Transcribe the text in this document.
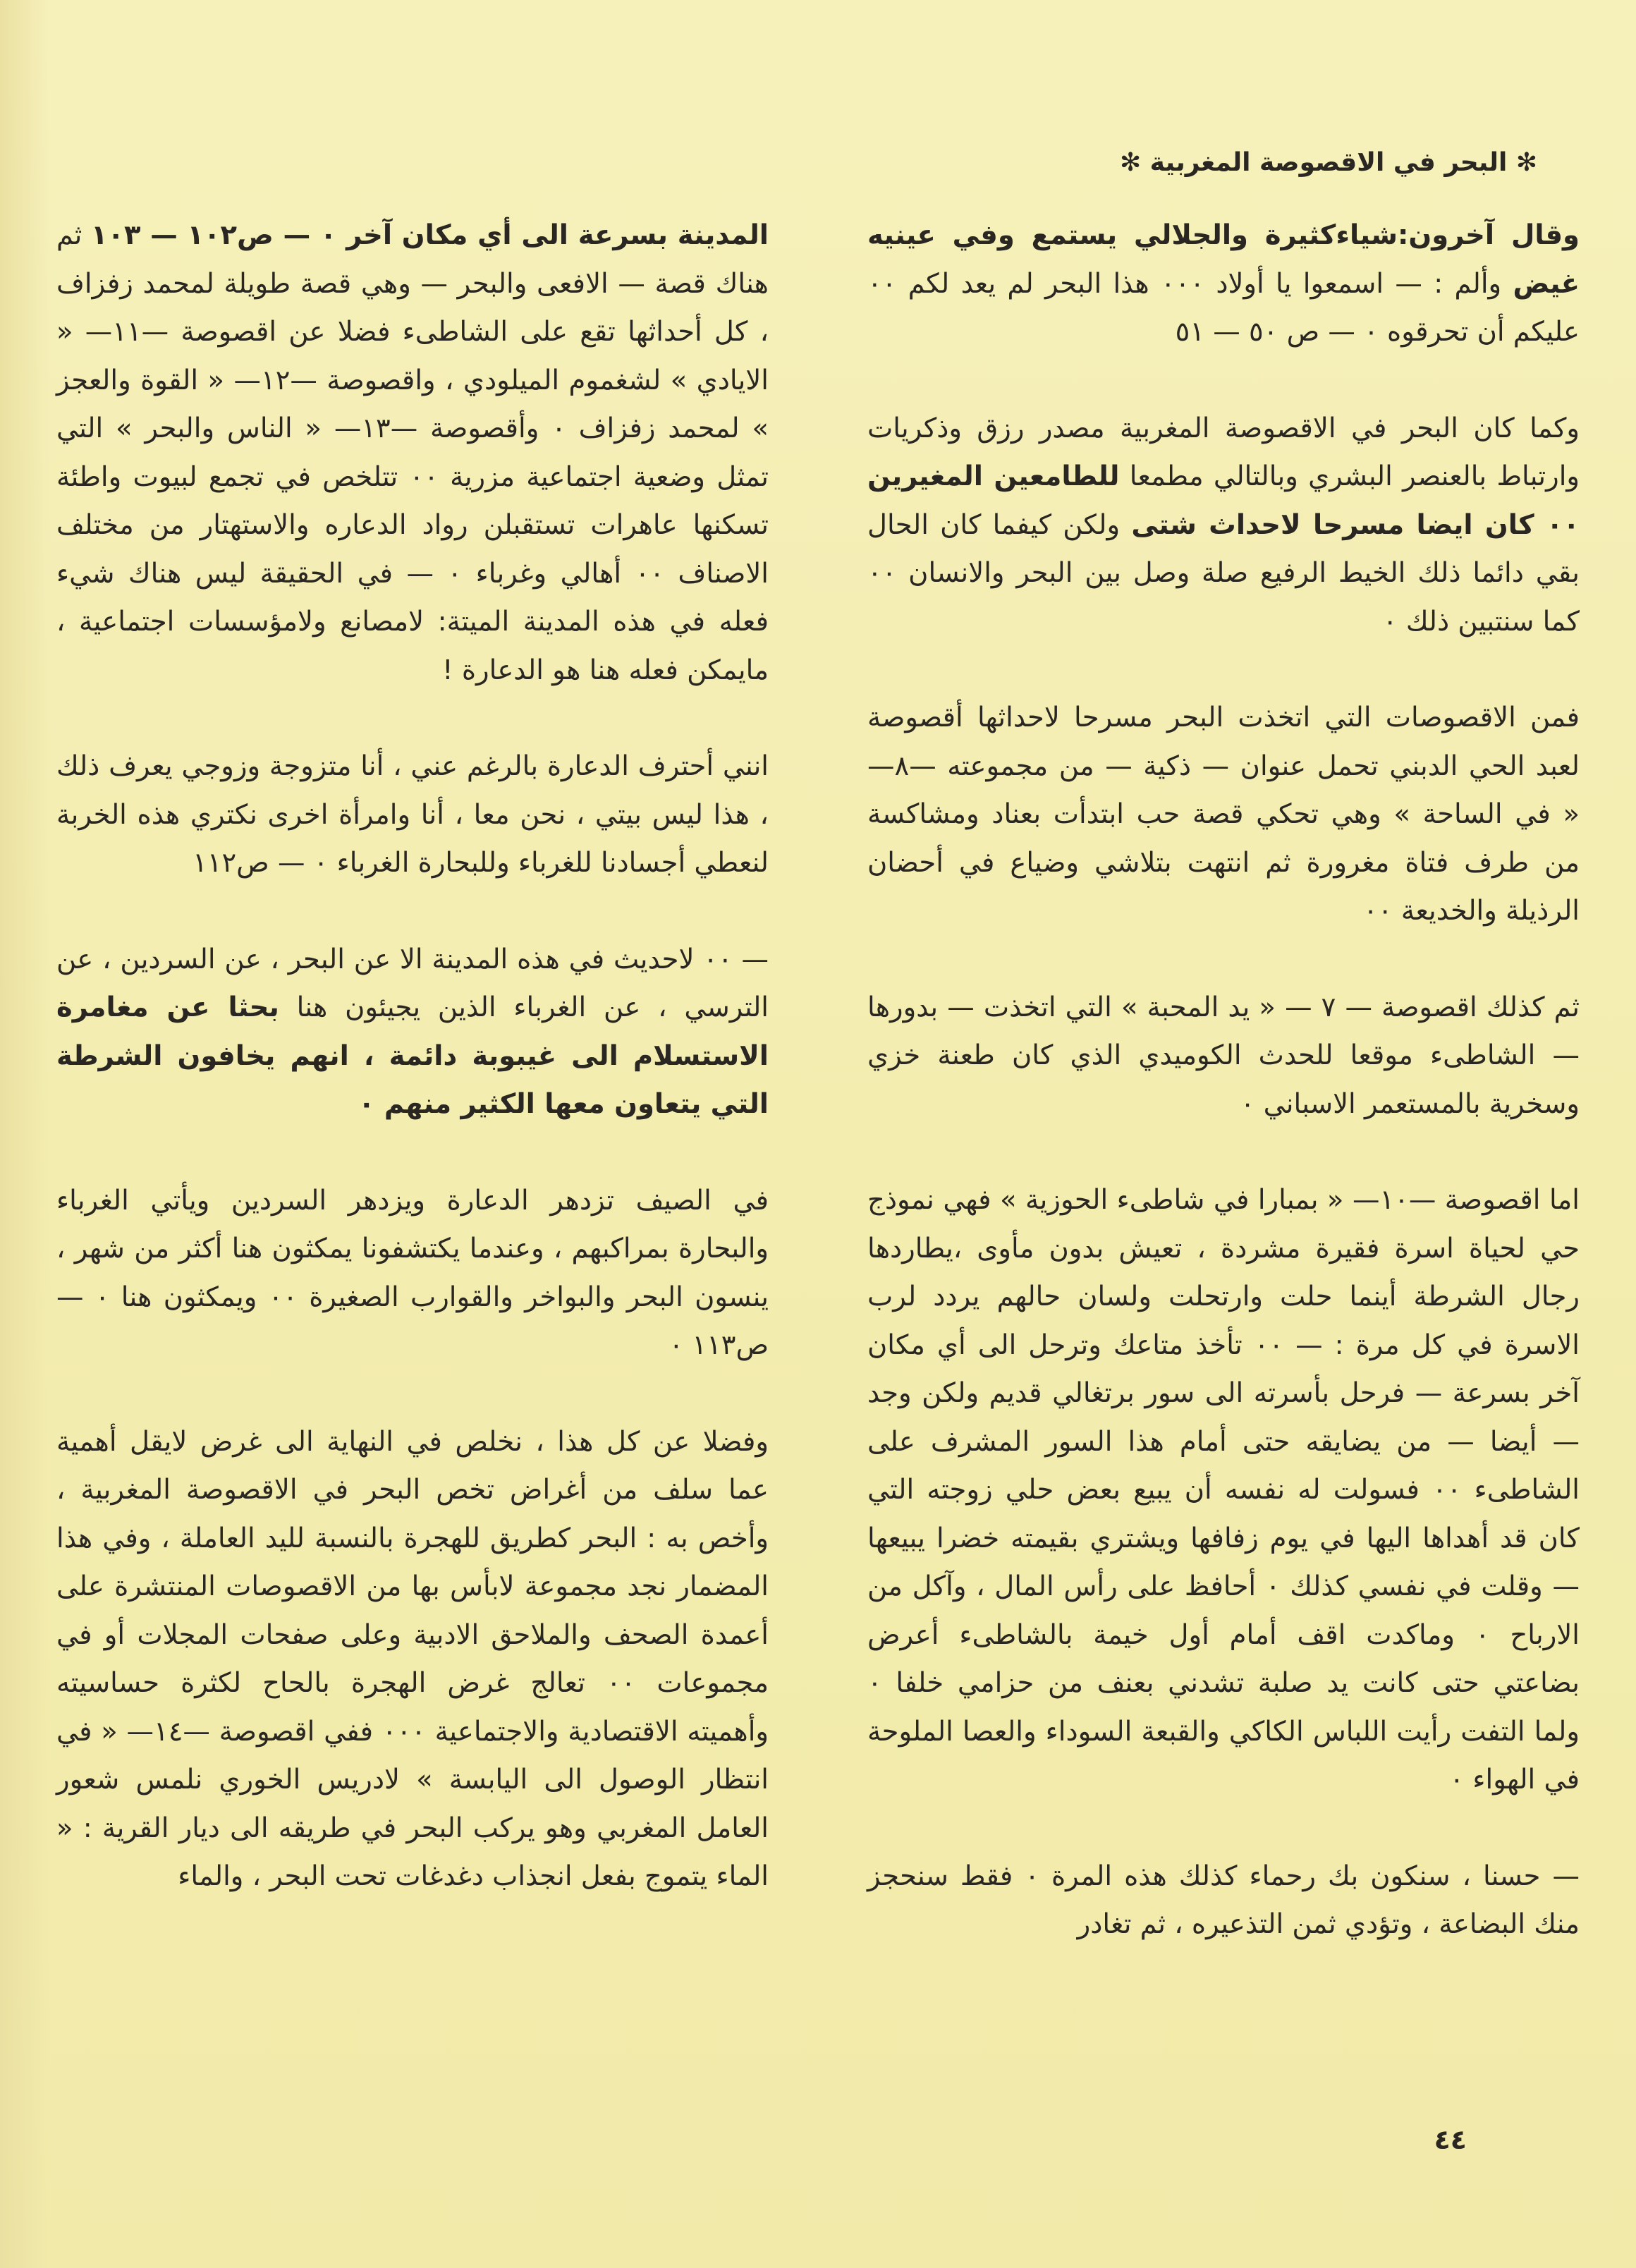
✻ البحر في الاقصوصة المغربية ✻

وقال آخرون:شياءكثيرة والجلالي يستمع وفي عينيه غيض وألم : — اسمعوا يا أولاد ٠٠٠ هذا البحر لم يعد لكم ٠٠ عليكم أن تحرقوه ٠ — ص ٥٠ — ٥١

وكما كان البحر في الاقصوصة المغربية مصدر رزق وذكريات وارتباط بالعنصر البشري وبالتالي مطمعا للطامعين المغيرين ٠٠ كان ايضا مسرحا لاحداث شتى ولكن كيفما كان الحال بقي دائما ذلك الخيط الرفيع صلة وصل بين البحر والانسان ٠٠ كما سنتبين ذلك ٠

فمن الاقصوصات التي اتخذت البحر مسرحا لاحداثها أقصوصة لعبد الحي الدبني تحمل عنوان — ذكية — من مجموعته —٨— « في الساحة » وهي تحكي قصة حب ابتدأت بعناد ومشاكسة من طرف فتاة مغرورة ثم انتهت بتلاشي وضياع في أحضان الرذيلة والخديعة ٠٠

ثم كذلك اقصوصة — ٧ — « يد المحبة » التي اتخذت — بدورها — الشاطىء موقعا للحدث الكوميدي الذي كان طعنة خزي وسخرية بالمستعمر الاسباني ٠

اما اقصوصة —١٠— « بمبارا في شاطىء الحوزية » فهي نموذج حي لحياة اسرة فقيرة مشردة ، تعيش بدون مأوى ،يطاردها رجال الشرطة أينما حلت وارتحلت ولسان حالهم يردد لرب الاسرة في كل مرة : — ٠٠ تأخذ متاعك وترحل الى أي مكان آخر بسرعة — فرحل بأسرته الى سور برتغالي قديم ولكن وجد — أيضا — من يضايقه حتى أمام هذا السور المشرف على الشاطىء ٠٠ فسولت له نفسه أن يبيع بعض حلي زوجته التي كان قد أهداها اليها في يوم زفافها ويشتري بقيمته خضرا يبيعها — وقلت في نفسي كذلك ٠ أحافظ على رأس المال ، وآكل من الارباح ٠ وماكدت اقف أمام أول خيمة بالشاطىء أعرض بضاعتي حتى كانت يد صلبة تشدني بعنف من حزامي خلفا ٠ ولما التفت رأيت اللباس الكاكي والقبعة السوداء والعصا الملوحة في الهواء ٠

— حسنا ، سنكون بك رحماء كذلك هذه المرة ٠ فقط سنحجز منك البضاعة ، وتؤدي ثمن التذعيره ، ثم تغادر

المدينة بسرعة الى أي مكان آخر ٠ — ص١٠٢ — ١٠٣ ثم هناك قصة — الافعى والبحر — وهي قصة طويلة لمحمد زفزاف ، كل أحداثها تقع على الشاطىء فضلا عن اقصوصة —١١— « الايادي » لشغموم الميلودي ، واقصوصة —١٢— « القوة والعجز » لمحمد زفزاف ٠ وأقصوصة —١٣— « الناس والبحر » التي تمثل وضعية اجتماعية مزرية ٠٠ تتلخص في تجمع لبيوت واطئة تسكنها عاهرات تستقبلن رواد الدعاره والاستهتار من مختلف الاصناف ٠٠ أهالي وغرباء ٠ — في الحقيقة ليس هناك شيء فعله في هذه المدينة الميتة: لامصانع ولامؤسسات اجتماعية ، مايمكن فعله هنا هو الدعارة !

انني أحترف الدعارة بالرغم عني ، أنا متزوجة وزوجي يعرف ذلك ، هذا ليس بيتي ، نحن معا ، أنا وامرأة اخرى نكتري هذه الخربة لنعطي أجسادنا للغرباء وللبحارة الغرباء ٠ — ص١١٢

— ٠٠ لاحديث في هذه المدينة الا عن البحر ، عن السردين ، عن الترسي ، عن الغرباء الذين يجيئون هنا بحثا عن مغامرة الاستسلام الى غيبوبة دائمة ، انهم يخافون الشرطة التي يتعاون معها الكثير منهم ٠

في الصيف تزدهر الدعارة ويزدهر السردين ويأتي الغرباء والبحارة بمراكبهم ، وعندما يكتشفونا يمكثون هنا أكثر من شهر ، ينسون البحر والبواخر والقوارب الصغيرة ٠٠ ويمكثون هنا ٠ — ص١١٣ ٠

وفضلا عن كل هذا ، نخلص في النهاية الى غرض لايقل أهمية عما سلف من أغراض تخص البحر في الاقصوصة المغربية ، وأخص به : البحر كطريق للهجرة بالنسبة لليد العاملة ، وفي هذا المضمار نجد مجموعة لابأس بها من الاقصوصات المنتشرة على أعمدة الصحف والملاحق الادبية وعلى صفحات المجلات أو في مجموعات ٠٠ تعالج غرض الهجرة بالحاح لكثرة حساسيته وأهميته الاقتصادية والاجتماعية ٠٠٠ ففي اقصوصة —١٤— « في انتظار الوصول الى اليابسة » لادريس الخوري نلمس شعور العامل المغربي وهو يركب البحر في طريقه الى ديار القرية : « الماء يتموج بفعل انجذاب دغدغات تحت البحر ، والماء

٤٤
